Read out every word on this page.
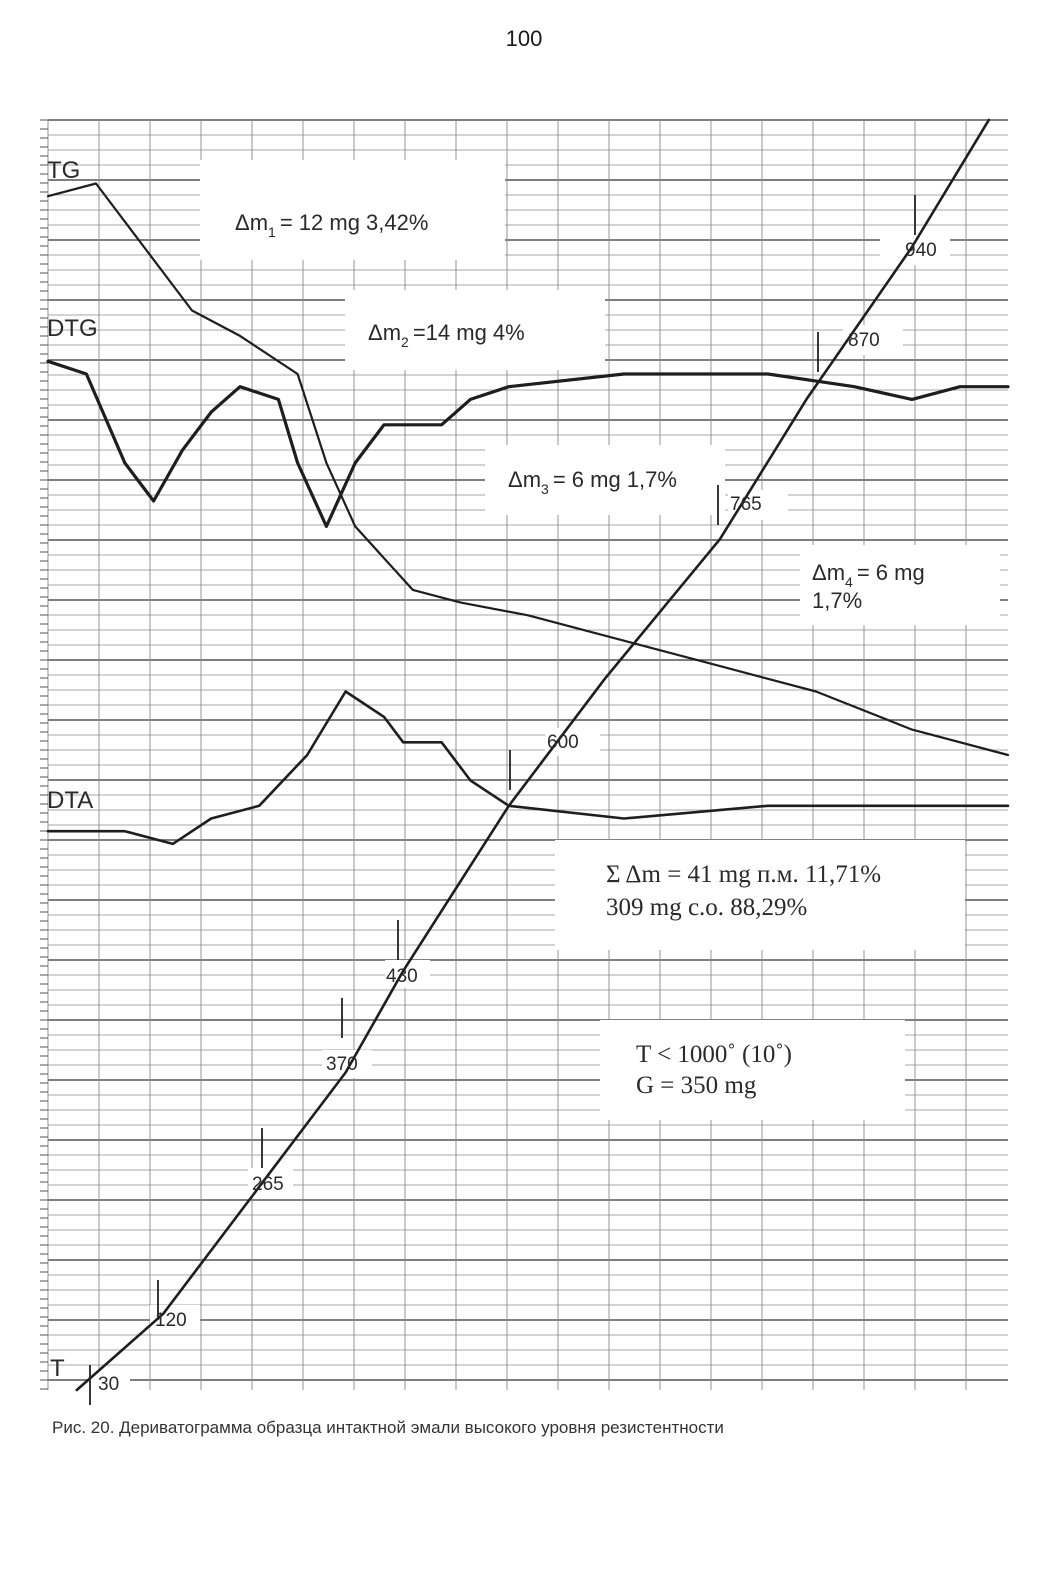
100
30
120
265
370
430
600
765
870
940
TG
DTG
DTA
T
$\Delta m_1 = 12$ mg 3,42%
$\Delta m_2 =14$ mg 4%
$\Delta m_3 = 6$ mg 1,7%
$\Delta m_4 = 6$ mg
1,7%
Σ Δm = 41 mg п.м. 11,71%
309 mg с.о. 88,29%
T < 1000˚ (10˚)
G = 350 mg
Рис. 20. Дериватограмма образца интактной эмали высокого уровня резистентности
